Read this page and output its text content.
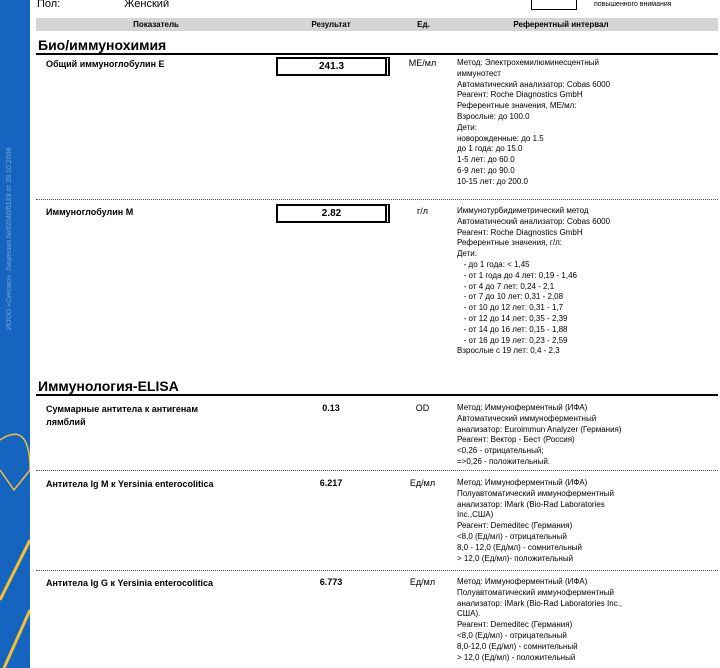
ИООО «Синэво». Лицензия №02040/6133 от 28.10.2008
Пол:	Женский	повышенного внимания
Показатель	Результат	Ед.	Референтный интервал
Био/иммунохимия
Общий иммуноглобулин E	241.3	МЕ/мл	Метод: Электрохемилюминесцентный
иммунотест
Автоматический анализатор: Cobas 6000
Реагент: Roche Diagnostics GmbH
Референтные значения, МЕ/мл:
Взрослые: до 100.0
Дети:
новорожденные: до 1.5
до 1 года: до 15.0
1-5 лет: до 60.0
6-9 лет: до 90.0
10-15 лет: до 200.0
Иммуноглобулин M	2.82	г/л	Иммунотурбидиметрический метод
Автоматический анализатор: Cobas 6000
Реагент: Roche Diagnostics GmbH
Референтные значения, г/л:
Дети:
- до 1 года: < 1,45
- от 1 года до 4 лет: 0,19 - 1,46
- от 4 до 7 лет: 0,24 - 2,1
- от 7 до 10 лет: 0,31 - 2,08
- от 10 до 12 лет: 0,31 - 1,7
- от 12 до 14 лет: 0,35 - 2,39
- от 14 до 16 лет: 0,15 - 1,88
- от 16 до 19 лет: 0,23 - 2,59
Взрослые с 19 лет: 0,4 - 2,3
Иммунология-ELISA
Суммарные антитела к антигенам
лямблий
0.13	OD	Метод: Иммуноферментный (ИФА)
Автоматический иммуноферментный
анализатор: Euroimmun Analyzer (Германия)
Реагент: Вектор - Бест (Россия)
<0,26 - отрицательный;
=>0,26 - положительный.
Антитела Ig M к Yersinia enterocolitica	6.217	Ед/мл	Метод: Иммуноферментный (ИФА)
Полуавтоматический иммуноферментный
анализатор: IMark (Bio-Rad Laboratories
Inc.,США)
Реагент: Demeditec (Германия)
<8,0 (Ед/мл) - отрицательный
8,0 - 12,0 (Ед/мл) - сомнительный
> 12,0 (Ед/мл)- положительный
Антитела Ig G к Yersinia enterocolitica	6.773	Ед/мл	Метод: Иммуноферментный (ИФА)
Полуавтоматический иммуноферментный
анализатор: IMark (Bio-Rad Laboratories Inc.,
США).
Реагент: Demeditec (Германия)
<8,0 (Ед/мл) - отрицательный
8,0-12,0 (Ед/мл) - сомнительный
> 12,0 (Ед/мл) - положительный
